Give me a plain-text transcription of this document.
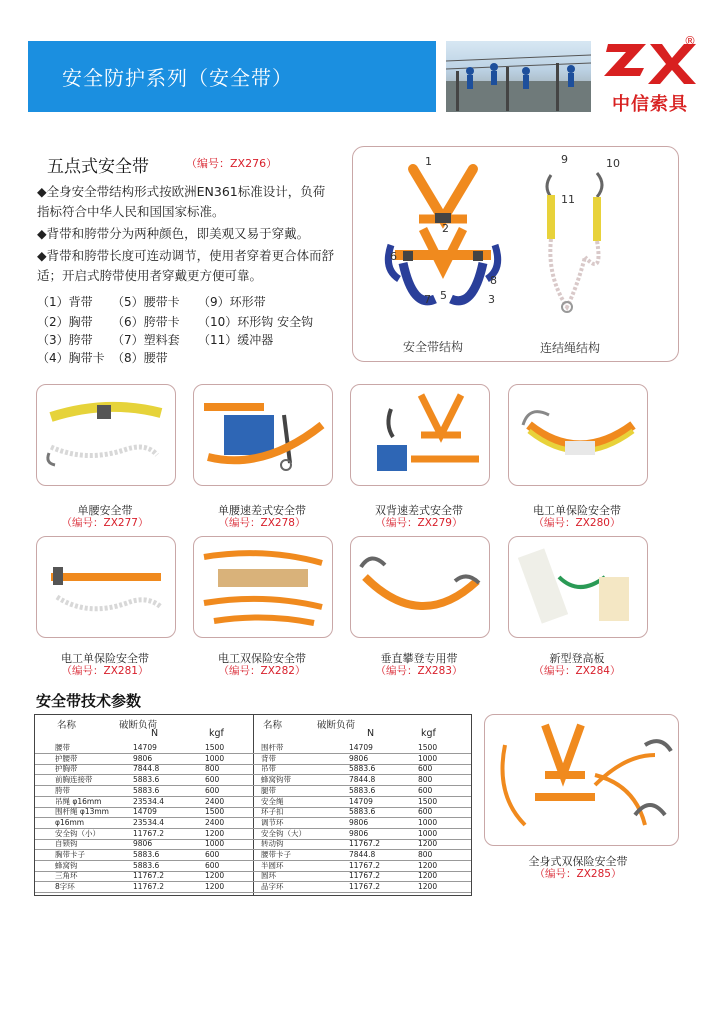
安全防护系列（安全带）
®
中信索具
五点式安全带	（编号：ZX276）
◆全身安全带结构形式按欧洲EN361标准设计，负荷指标符合中华人民和国国家标准。
◆背带和胯带分为两种颜色，即美观又易于穿戴。
◆背带和胯带长度可连动调节，使用者穿着更合体而舒适；开启式胯带使用者穿戴更方便可靠。
（1）背带 （5）腰带卡 （9）环形带
（2）胸带 （6）胯带卡 （10）环形钩 安全钩
（3）胯带 （7）塑料套 （11）缓冲器
（4）胸带卡 （8）腰带
1
2
6
8
3
5
7
9	10
11
安全带结构	连结绳结构
单腰安全带
（编号：ZX277）
单腰速差式安全带
（编号：ZX278）
双背速差式安全带
（编号：ZX279）
电工单保险安全带
（编号：ZX280）
电工单保险安全带
（编号：ZX281）
电工双保险安全带
（编号：ZX282）
垂直攀登专用带
（编号：ZX283）
新型登高板
（编号：ZX284）
安全带技术参数
名称	破断负荷
N	kgf
名称	破断负荷
N	kgf
腰带	14709	1500	围杆带	14709	1500
护腰带	9806	1000	背带	9806	1000
护胸带	7844.8	800	吊带	5883.6	600
前胸连接带	5883.6	600	蜂窝钩带	7844.8	800
胯带	5883.6	600	腿带	5883.6	600
吊绳 φ16mm	23534.4	2400	安全绳	14709	1500
围杆绳 φ13mm	14709	1500	环子扣	5883.6	600
φ16mm	23534.4	2400	调节环	9806	1000
安全钩（小）	11767.2	1200	安全钩（大）	9806	1000
自锁钩	9806	1000	转动钩	11767.2	1200
胸带卡子	5883.6	600	腰带卡子	7844.8	800
蜂窝钩	5883.6	600	半圆环	11767.2	1200
三角环	11767.2	1200	圆环	11767.2	1200
8字环	11767.2	1200	品字环	11767.2	1200
全身式双保险安全带
（编号：ZX285）
